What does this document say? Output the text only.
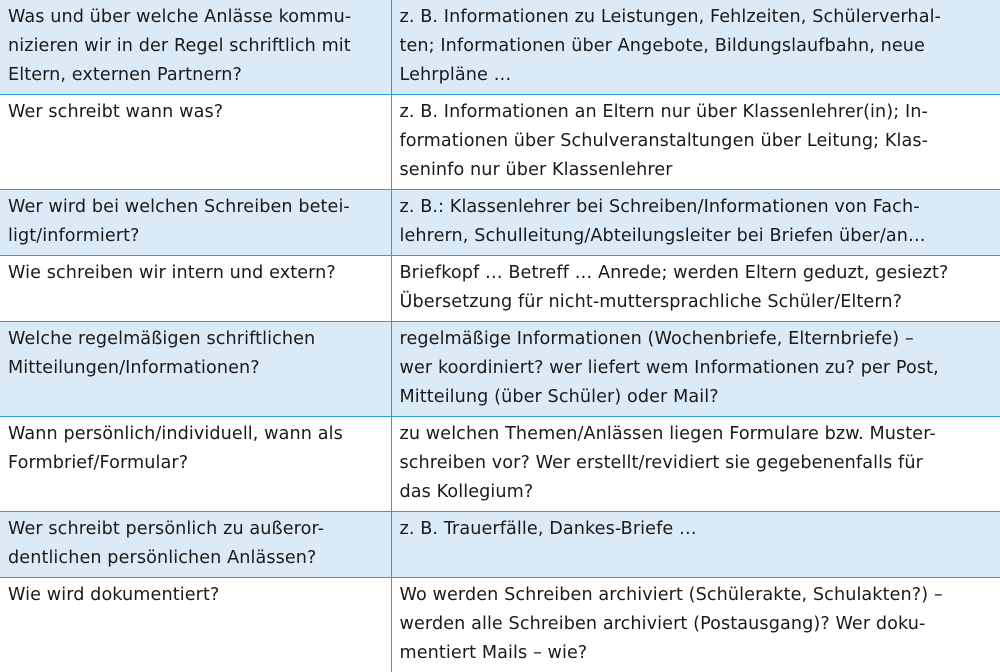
Was und über welche Anlässe kommu-
nizieren wir in der Regel schriftlich mit
Eltern, externen Partnern?	z. B. Informationen zu Leistungen, Fehlzeiten, Schülerverhal-
ten; Informationen über Angebote, Bildungslaufbahn, neue
Lehrpläne …

Wer schreibt wann was?	z. B. Informationen an Eltern nur über Klassenlehrer(in); In-
formationen über Schulveranstaltungen über Leitung; Klas-
seninfo nur über Klassenlehrer

Wer wird bei welchen Schreiben betei-
ligt/informiert?	z. B.: Klassenlehrer bei Schreiben/Informationen von Fach-
lehrern, Schulleitung/Abteilungsleiter bei Briefen über/an…

Wie schreiben wir intern und extern?	Briefkopf … Betreff … Anrede; werden Eltern geduzt, gesiezt?
Übersetzung für nicht-muttersprachliche Schüler/Eltern?

Welche regelmäßigen schriftlichen
Mitteilungen/Informationen?	regelmäßige Informationen (Wochenbriefe, Elternbriefe) –
wer koordiniert? wer liefert wem Informationen zu? per Post,
Mitteilung (über Schüler) oder Mail?

Wann persönlich/individuell, wann als
Formbrief/Formular?	zu welchen Themen/Anlässen liegen Formulare bzw. Muster-
schreiben vor? Wer erstellt/revidiert sie gegebenenfalls für
das Kollegium?

Wer schreibt persönlich zu außeror-
dentlichen persönlichen Anlässen?	z. B. Trauerfälle, Dankes-Briefe …

Wie wird dokumentiert?	Wo werden Schreiben archiviert (Schülerakte, Schulakten?) –
werden alle Schreiben archiviert (Postausgang)? Wer doku-
mentiert Mails – wie?
